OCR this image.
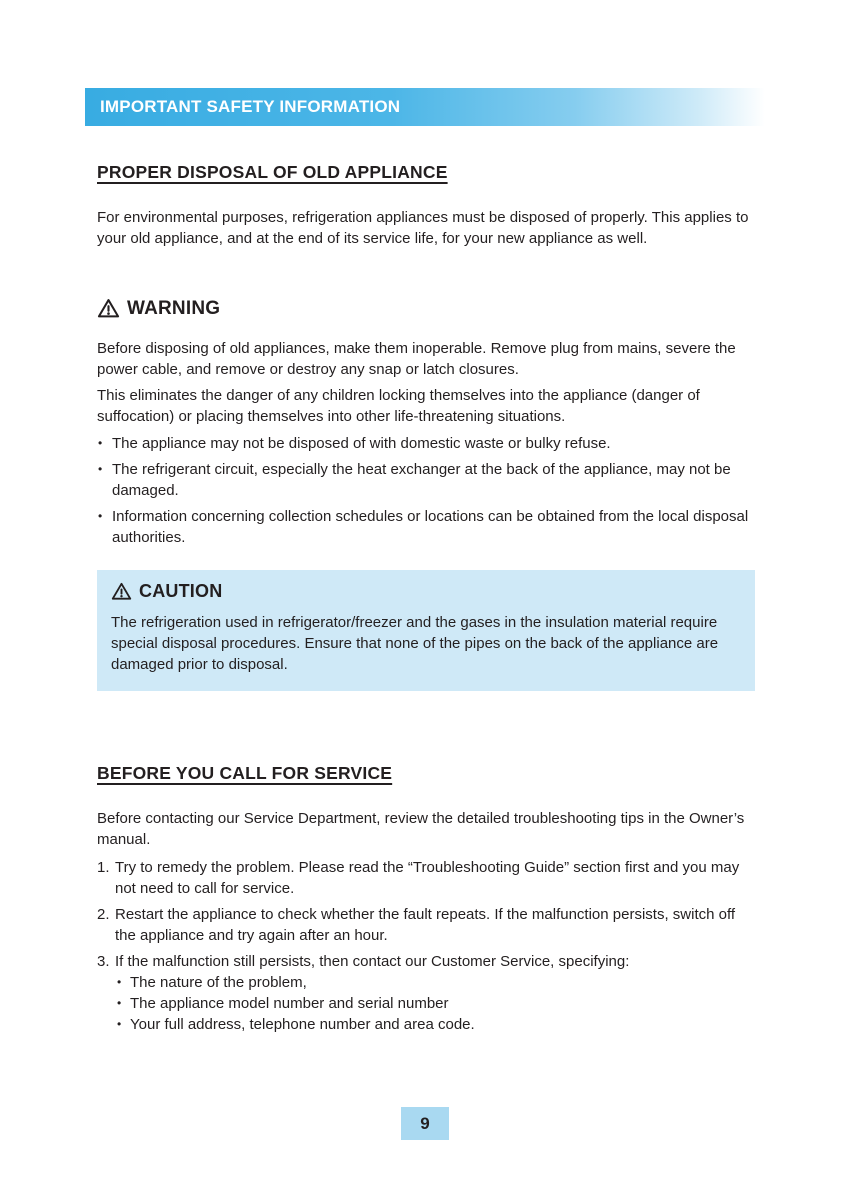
IMPORTANT SAFETY INFORMATION
PROPER DISPOSAL OF OLD APPLIANCE

For environmental purposes, refrigeration appliances must be disposed of properly. This applies to your old appliance, and at the end of its service life, for your new appliance as well.

WARNING

Before disposing of old appliances, make them inoperable. Remove plug from mains, severe the power cable, and remove or destroy any snap or latch closures.

This eliminates the danger of any children locking themselves into the appliance (danger of suffocation) or placing themselves into other life-threatening situations.

• The appliance may not be disposed of with domestic waste or bulky refuse.
• The refrigerant circuit, especially the heat exchanger at the back of the appliance, may not be damaged.
• Information concerning collection schedules or locations can be obtained from the local disposal authorities.
CAUTION

The refrigeration used in refrigerator/freezer and the gases in the insulation material require special disposal procedures. Ensure that none of the pipes on the back of the appliance are damaged prior to disposal.

BEFORE YOU CALL FOR SERVICE

Before contacting our Service Department, review the detailed troubleshooting tips in the Owner’s manual.

1. Try to remedy the problem. Please read the “Troubleshooting Guide” section first and you may not need to call for service.
2. Restart the appliance to check whether the fault repeats. If the malfunction persists, switch off the appliance and try again after an hour.
3. If the malfunction still persists, then contact our Customer Service, specifying:
• The nature of the problem,
• The appliance model number and serial number
• Your full address, telephone number and area code.
9
